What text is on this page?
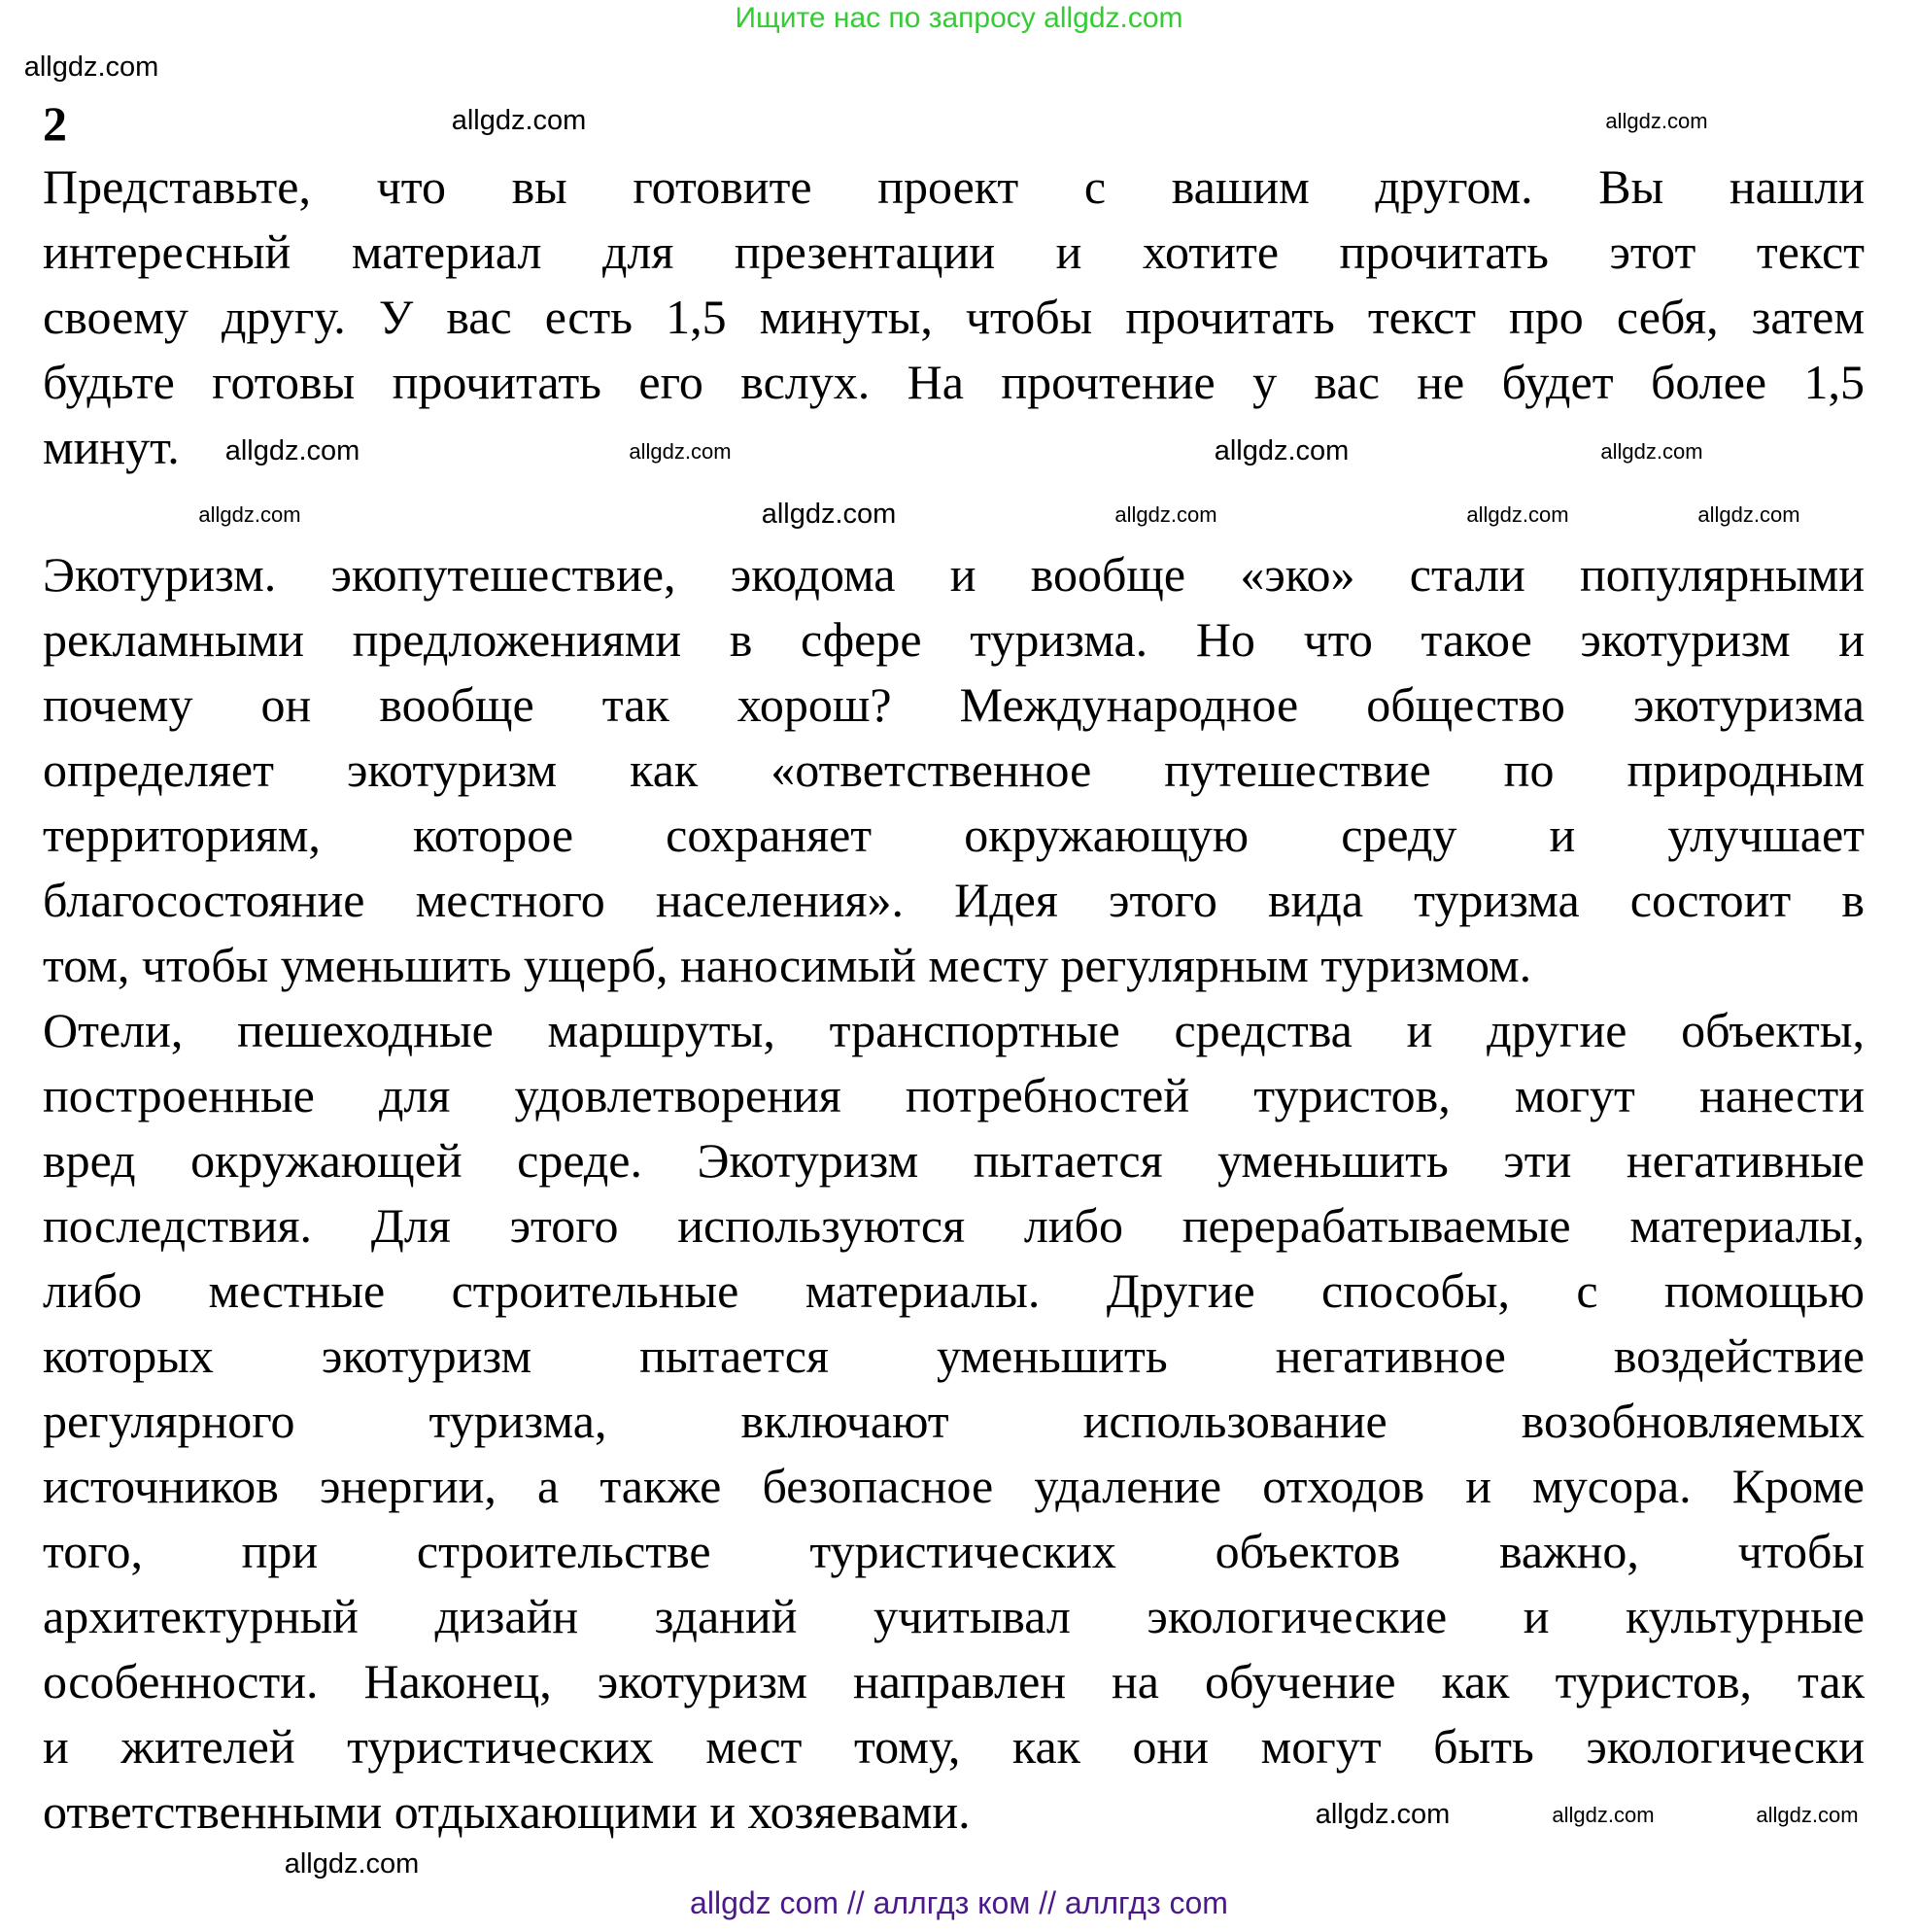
Ищите нас по запросу allgdz.com
2
Представьте, что вы готовите проект с вашим другом. Вы нашли
интересный материал для презентации и хотите прочитать этот текст
своему другу. У вас есть 1,5 минуты, чтобы прочитать текст про себя, затем
будьте готовы прочитать его вслух. На прочтение у вас не будет более 1,5
минут.
Экотуризм. экопутешествие, экодома и вообще «эко» стали популярными
рекламными предложениями в сфере туризма. Но что такое экотуризм и
почему он вообще так хорош? Международное общество экотуризма
определяет экотуризм как «ответственное путешествие по природным
территориям, которое сохраняет окружающую среду и улучшает
благосостояние местного населения». Идея этого вида туризма состоит в
том, чтобы уменьшить ущерб, наносимый месту регулярным туризмом.
Отели, пешеходные маршруты, транспортные средства и другие объекты,
построенные для удовлетворения потребностей туристов, могут нанести
вред окружающей среде. Экотуризм пытается уменьшить эти негативные
последствия. Для этого используются либо перерабатываемые материалы,
либо местные строительные материалы. Другие способы, с помощью
которых экотуризм пытается уменьшить негативное воздействие
регулярного туризма, включают использование возобновляемых
источников энергии, а также безопасное удаление отходов и мусора. Кроме
того, при строительстве туристических объектов важно, чтобы
архитектурный дизайн зданий учитывал экологические и культурные
особенности. Наконец, экотуризм направлен на обучение как туристов, так
и жителей туристических мест тому, как они могут быть экологически
ответственными отдыхающими и хозяевами.
allgdz.com
allgdz.com	allgdz.com
allgdz.com	allgdz.com	allgdz.com	allgdz.com
allgdz.com	allgdz.com	allgdz.com	allgdz.com	allgdz.com
allgdz.com	allgdz.com	allgdz.com
allgdz.com
allgdz com // аллгдз ком // аллгдз com
